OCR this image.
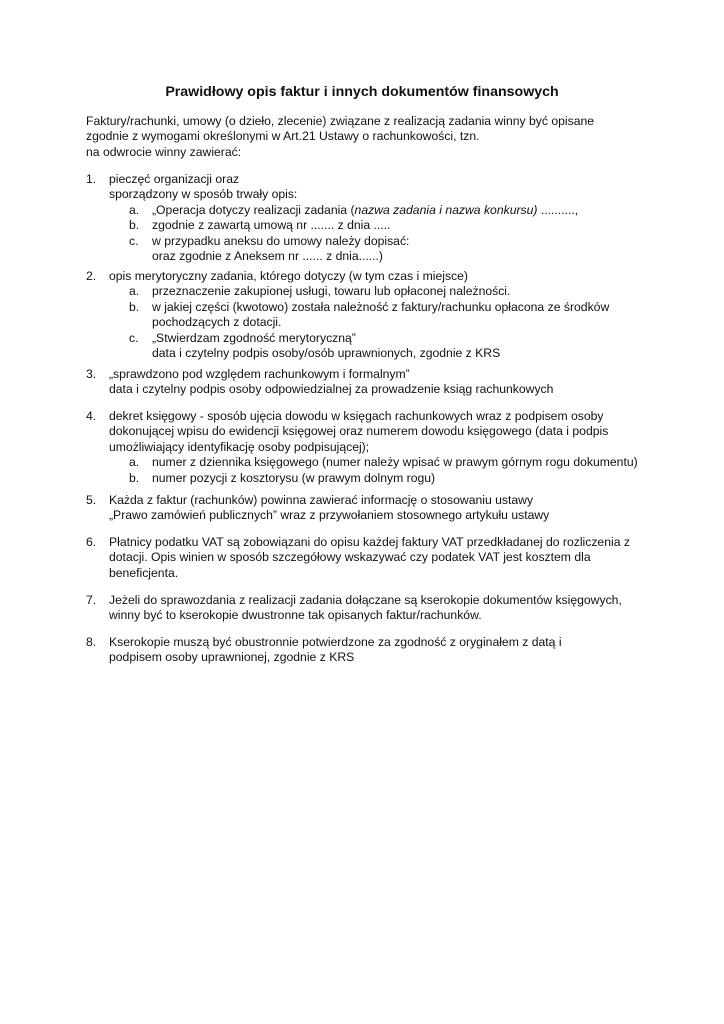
Prawidłowy opis faktur i innych dokumentów finansowych
Faktury/rachunki, umowy (o dzieło, zlecenie) związane z realizacją zadania winny być opisane
zgodnie z wymogami określonymi w Art.21 Ustawy o rachunkowości, tzn.
na odwrocie winny zawierać:
1. pieczęć organizacji oraz
sporządzony w sposób trwały opis:
a. „Operacja dotyczy realizacji zadania (nazwa zadania i nazwa konkursu) ..........,
b. zgodnie z zawartą umową nr ....... z dnia .....
c. w przypadku aneksu do umowy należy dopisać:
oraz zgodnie z Aneksem nr ...... z dnia......)
2. opis merytoryczny zadania, którego dotyczy (w tym czas i miejsce)
a. przeznaczenie zakupionej usługi, towaru lub opłaconej należności.
b. w jakiej części (kwotowo) została należność z faktury/rachunku opłacona ze środków
pochodzących z dotacji.
c. „Stwierdzam zgodność merytoryczną”
data i czytelny podpis osoby/osób uprawnionych, zgodnie z KRS
3. „sprawdzono pod względem rachunkowym i formalnym”
data i czytelny podpis osoby odpowiedzialnej za prowadzenie ksiąg rachunkowych
4. dekret księgowy - sposób ujęcia dowodu w księgach rachunkowych wraz z podpisem osoby
dokonującej wpisu do ewidencji księgowej oraz numerem dowodu księgowego (data i podpis
umożliwiający identyfikację osoby podpisującej);
a. numer z dziennika księgowego (numer należy wpisać w prawym górnym rogu dokumentu)
b. numer pozycji z kosztorysu (w prawym dolnym rogu)
5. Każda z faktur (rachunków) powinna zawierać informację o stosowaniu ustawy
„Prawo zamówień publicznych” wraz z przywołaniem stosownego artykułu ustawy
6. Płatnicy podatku VAT są zobowiązani do opisu każdej faktury VAT przedkładanej do rozliczenia z
dotacji. Opis winien w sposób szczegółowy wskazywać czy podatek VAT jest kosztem dla
beneficjenta.
7. Jeżeli do sprawozdania z realizacji zadania dołączane są kserokopie dokumentów księgowych,
winny być to kserokopie dwustronne tak opisanych faktur/rachunków.
8. Kserokopie muszą być obustronnie potwierdzone za zgodność z oryginałem z datą i
podpisem osoby uprawnionej, zgodnie z KRS
